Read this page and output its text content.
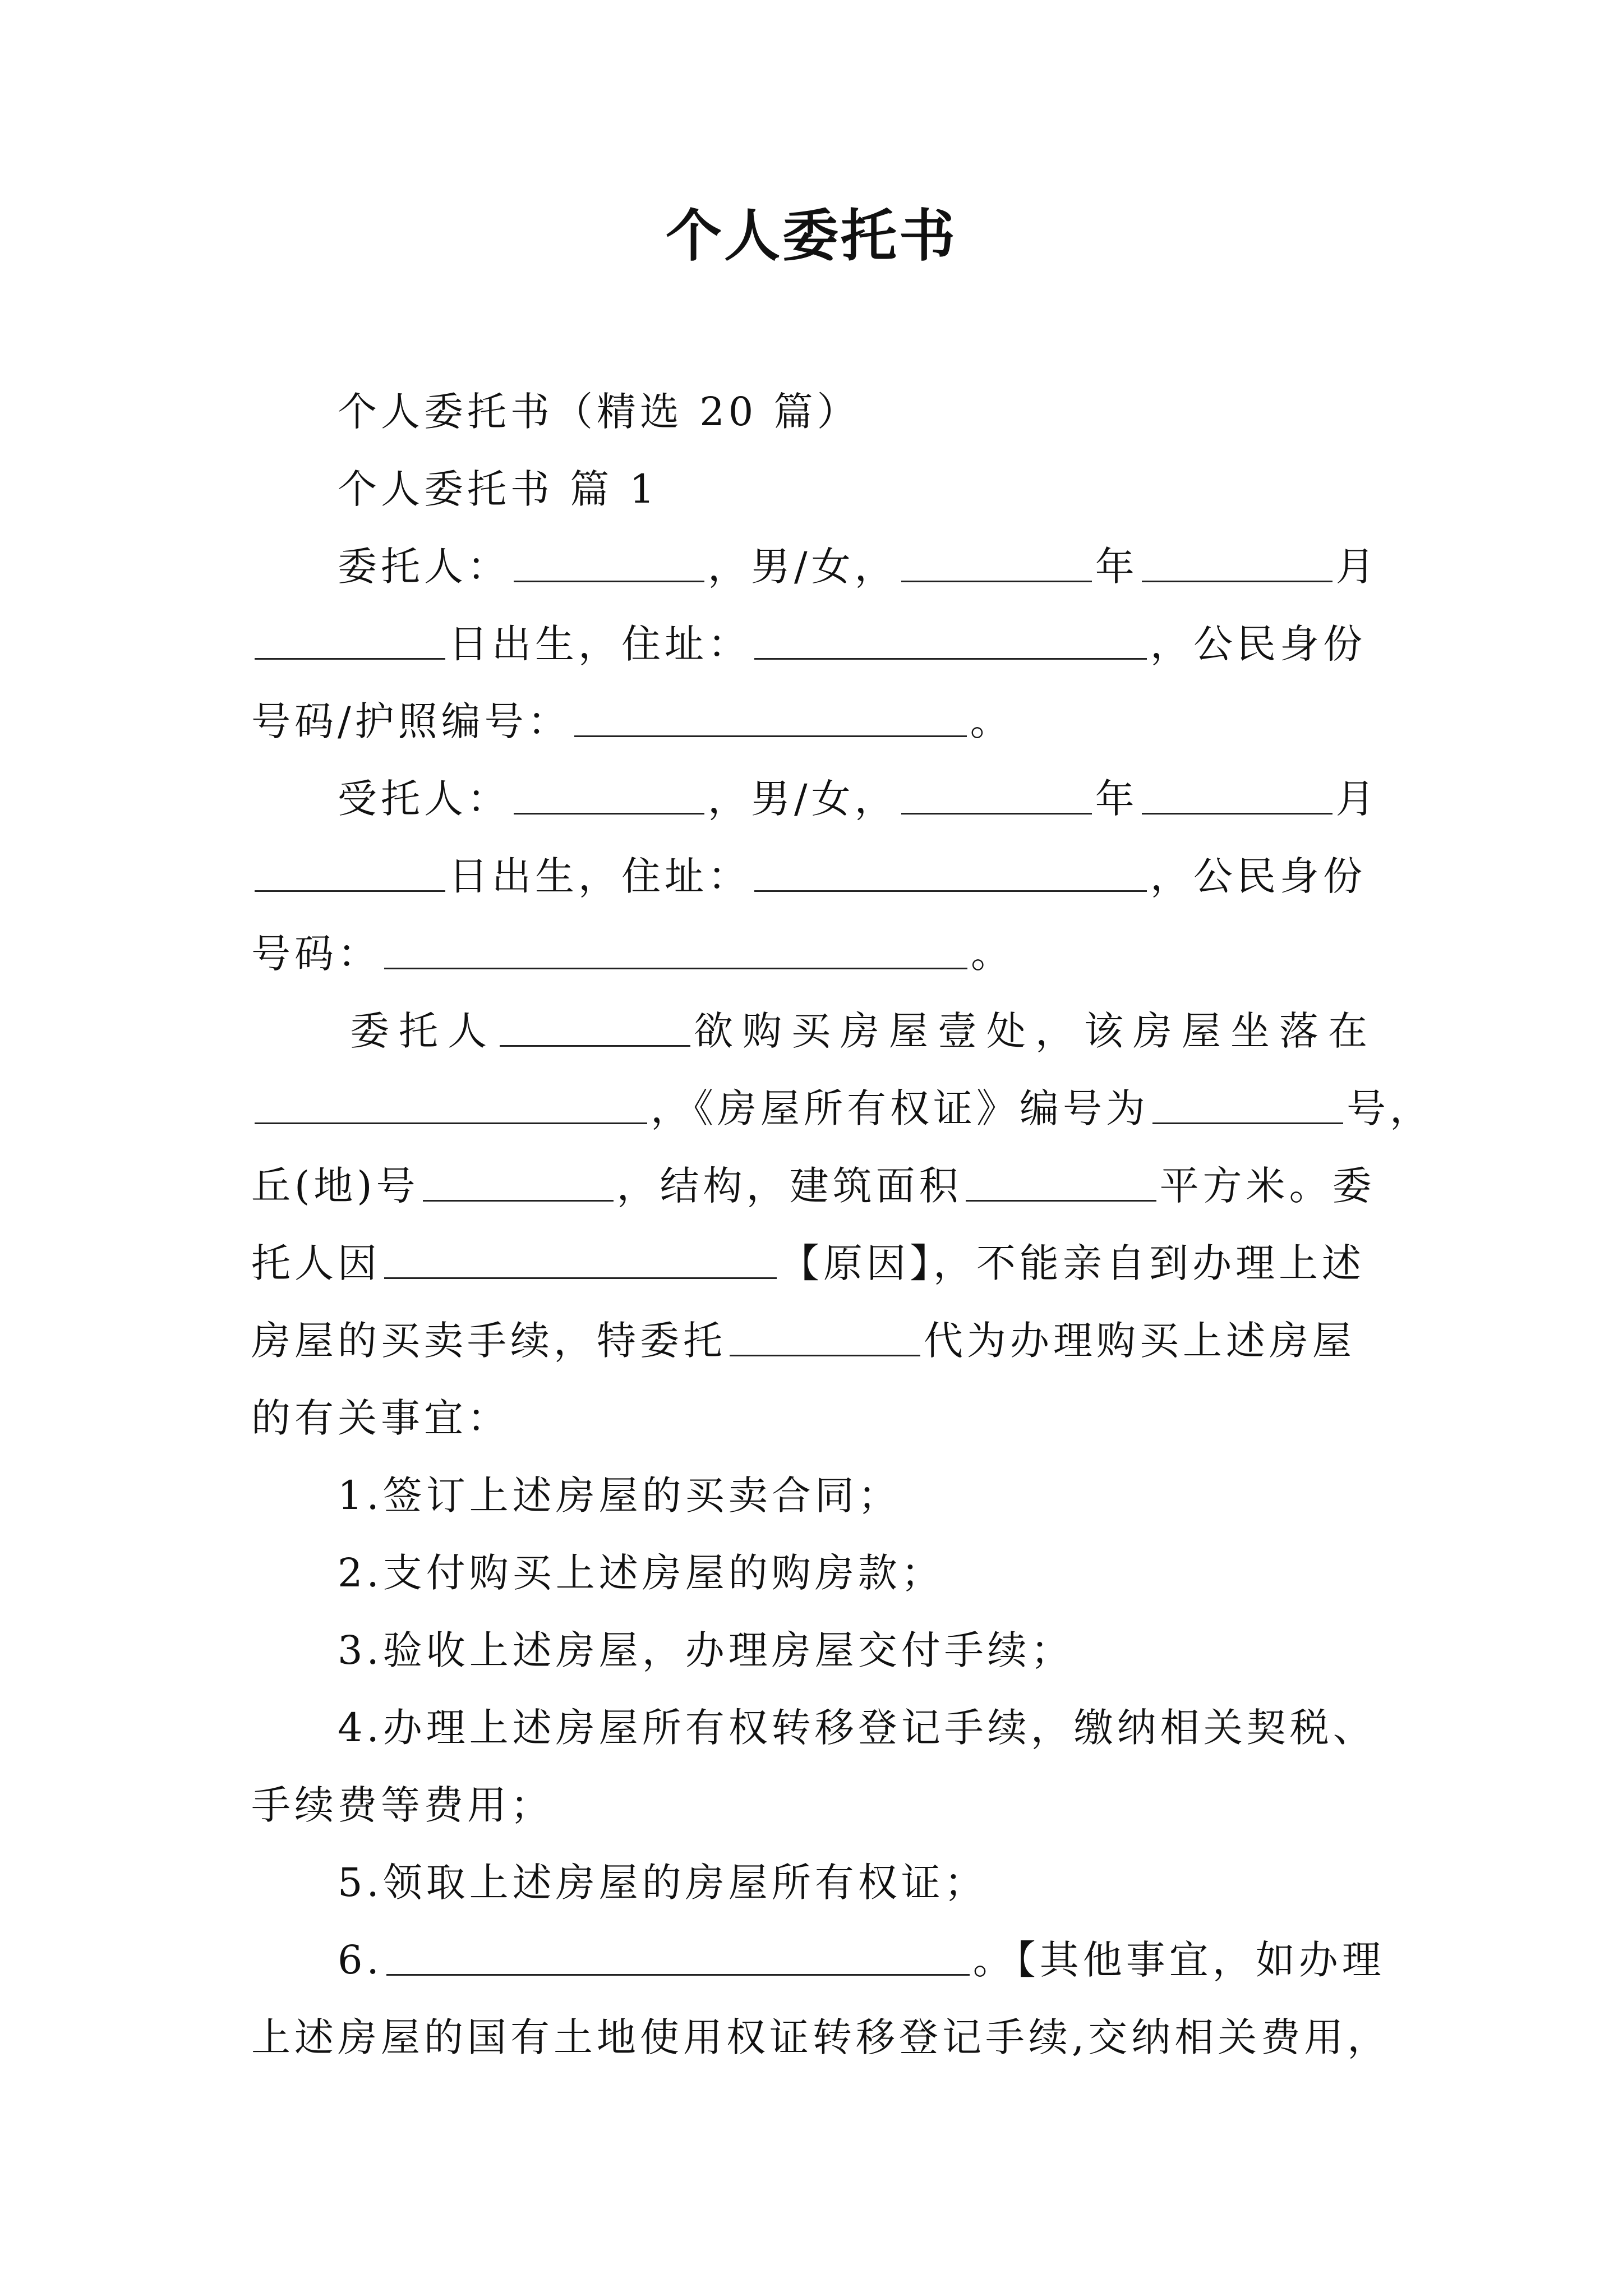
个人委托书

个人委托书（精选 20 篇）

个人委托书 篇 1

委托人：	，男/女，	年	月

日出生，住址：	，公民身份

号码/护照编号：	。

受托人：	，男/女，	年	月

日出生，住址：	，公民身份

号码：	。

委托人	欲购买房屋壹处，该房屋坐落在

，《房屋所有权证》编号为	号，

丘(地)号	，结构，建筑面积	平方米。委

托人因	【原因】，不能亲自到办理上述

房屋的买卖手续，特委托	代为办理购买上述房屋

的有关事宜：

1.签订上述房屋的买卖合同；

2.支付购买上述房屋的购房款；

3.验收上述房屋，办理房屋交付手续；

4.办理上述房屋所有权转移登记手续，缴纳相关契税、

手续费等费用；

5.领取上述房屋的房屋所有权证；

6.	。【其他事宜，如办理

上述房屋的国有土地使用权证转移登记手续,交纳相关费用，
